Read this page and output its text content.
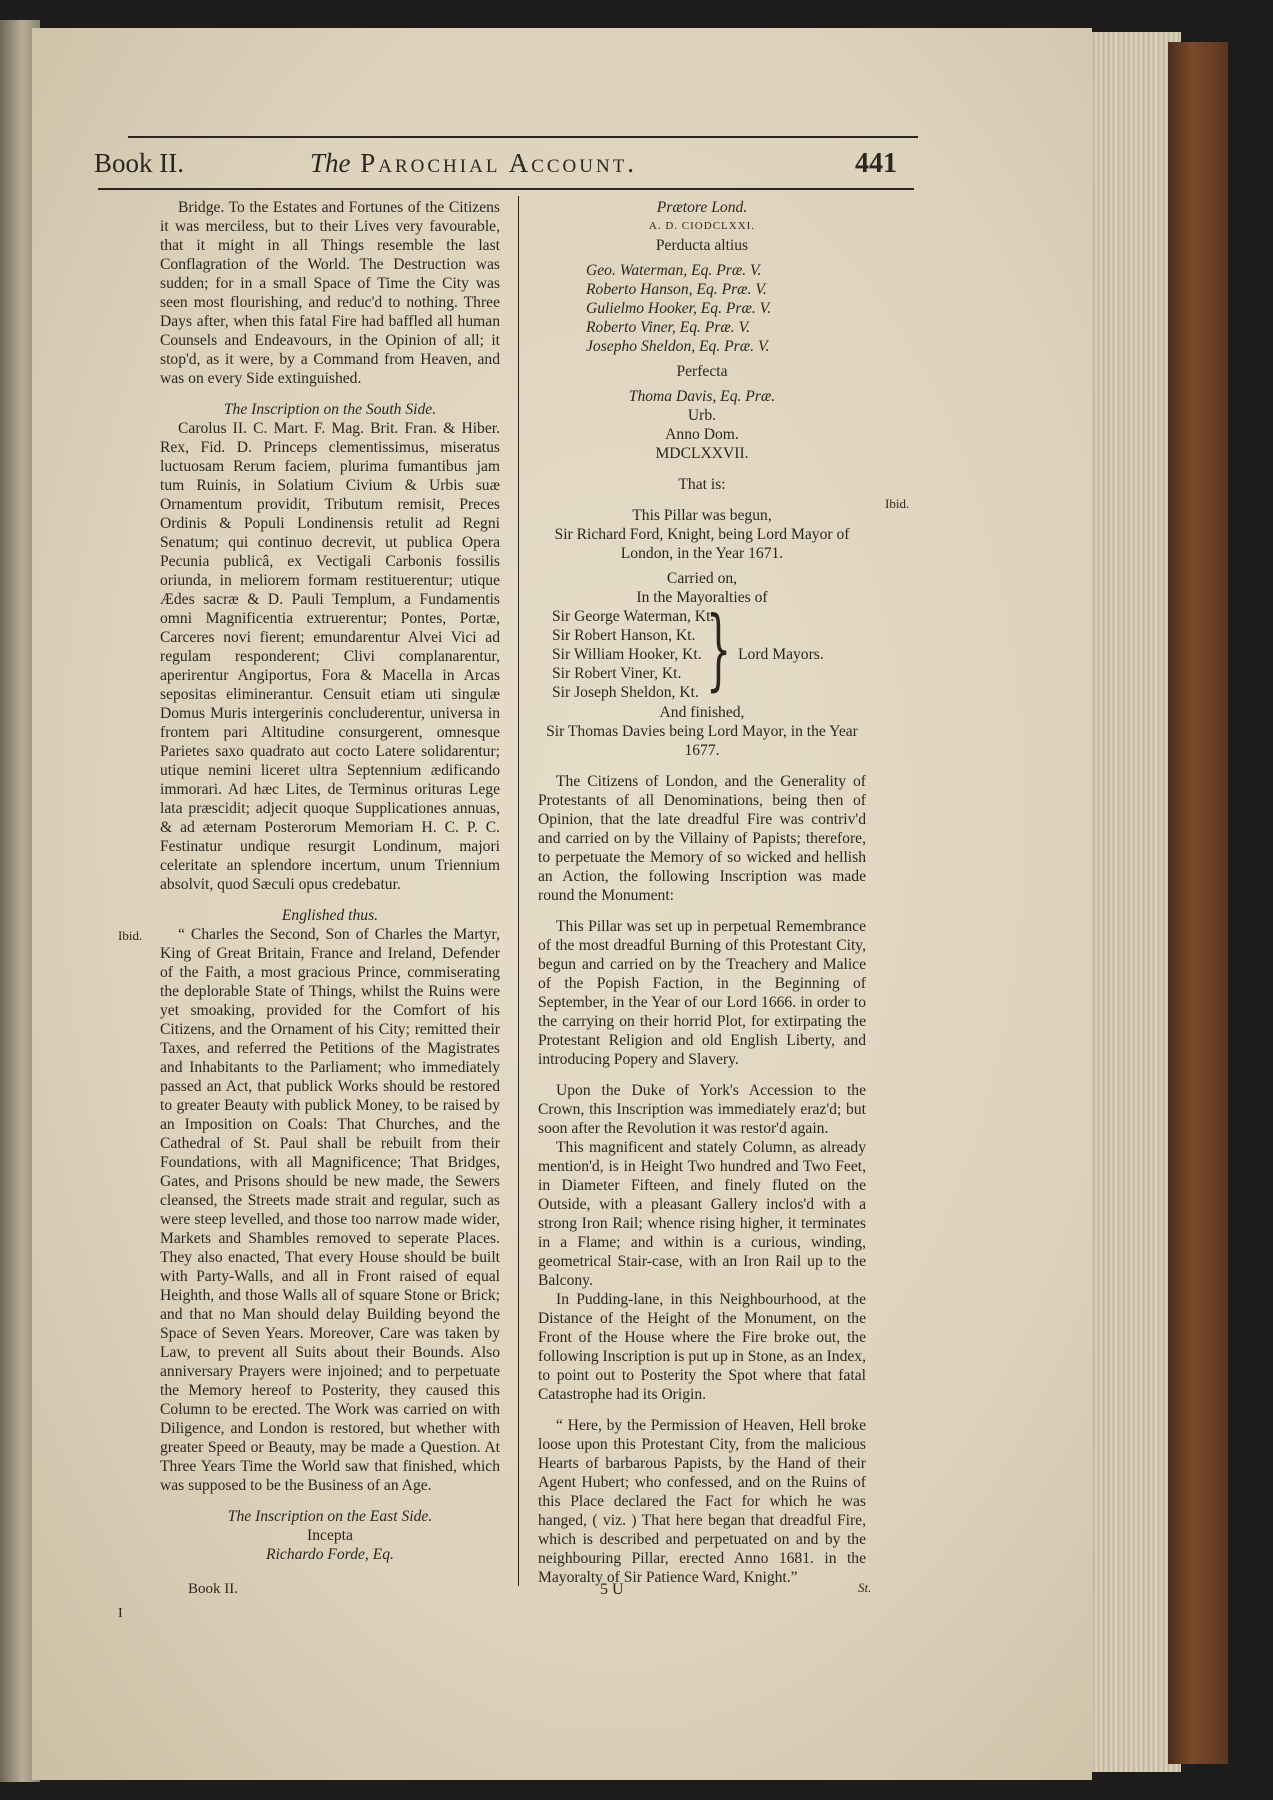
Book II.	The Parochial Account.	441

Bridge. To the Estates and Fortunes of the Citizens it was merciless, but to their Lives very favourable, that it might in all Things resemble the last Conflagration of the World. The Destruction was sudden; for in a small Space of Time the City was seen most flourishing, and reduc'd to nothing. Three Days after, when this fatal Fire had baffled all human Counsels and Endeavours, in the Opinion of all; it stop'd, as it were, by a Command from Heaven, and was on every Side extinguished.

The Inscription on the South Side.

Carolus II. C. Mart. F. Mag. Brit. Fran. & Hiber. Rex, Fid. D. Princeps clementissimus, miseratus luctuosam Rerum faciem, plurima fumantibus jam tum Ruinis, in Solatium Civium & Urbis suæ Ornamentum providit, Tributum remisit, Preces Ordinis & Populi Londinensis retulit ad Regni Senatum; qui continuo decrevit, ut publica Opera Pecunia publicâ, ex Vectigali Carbonis fossilis oriunda, in meliorem formam restituerentur; utique Ædes sacræ & D. Pauli Templum, a Fundamentis omni Magnificentia extruerentur; Pontes, Portæ, Carceres novi fierent; emundarentur Alvei Vici ad regulam responderent; Clivi complanarentur, aperirentur Angiportus, Fora & Macella in Arcas sepositas eliminerantur. Censuit etiam uti singulæ Domus Muris intergerinis concluderentur, universa in frontem pari Altitudine consurgerent, omnesque Parietes saxo quadrato aut cocto Latere solidarentur; utique nemini liceret ultra Septennium ædificando immorari. Ad hæc Lites, de Terminus orituras Lege lata præscidit; adjecit quoque Supplicationes annuas, & ad æternam Posterorum Memoriam H. C. P. C. Festinatur undique resurgit Londinum, majori celeritate an splendore incertum, unum Triennium absolvit, quod Sæculi opus credebatur.

Englished thus.

“ Charles the Second, Son of Charles the Martyr, King of Great Britain, France and Ireland, Defender of the Faith, a most gracious Prince, commiserating the deplorable State of Things, whilst the Ruins were yet smoaking, provided for the Comfort of his Citizens, and the Ornament of his City; remitted their Taxes, and referred the Petitions of the Magistrates and Inhabitants to the Parliament; who immediately passed an Act, that publick Works should be restored to greater Beauty with publick Money, to be raised by an Imposition on Coals: That Churches, and the Cathedral of St. Paul shall be rebuilt from their Foundations, with all Magnificence; That Bridges, Gates, and Prisons should be new made, the Sewers cleansed, the Streets made strait and regular, such as were steep levelled, and those too narrow made wider, Markets and Shambles removed to seperate Places. They also enacted, That every House should be built with Party-Walls, and all in Front raised of equal Heighth, and those Walls all of square Stone or Brick; and that no Man should delay Building beyond the Space of Seven Years. Moreover, Care was taken by Law, to prevent all Suits about their Bounds. Also anniversary Prayers were injoined; and to perpetuate the Memory hereof to Posterity, they caused this Column to be erected. The Work was carried on with Diligence, and London is restored, but whether with greater Speed or Beauty, may be made a Question. At Three Years Time the World saw that finished, which was supposed to be the Business of an Age.

The Inscription on the East Side.

Incepta

Richardo Forde, Eq.

Book II.
I

Prætore Lond.

A. D. CIODCLXXI.

Perducta altius

Geo. Waterman, Eq. Præ. V.

Roberto Hanson, Eq. Præ. V.

Gulielmo Hooker, Eq. Præ. V.

Roberto Viner, Eq. Præ. V.

Josepho Sheldon, Eq. Præ. V.

Perfecta

Thoma Davis, Eq. Præ.

Urb.

Anno Dom.

MDCLXXVII.

That is:

This Pillar was begun,

Sir Richard Ford, Knight, being Lord Mayor of London, in the Year 1671.

Carried on,

In the Mayoralties of

Sir George Waterman, Kt.

Sir Robert Hanson, Kt.

Sir William Hooker, Kt.

Sir Robert Viner, Kt.

Sir Joseph Sheldon, Kt. } Lord Mayors.

And finished,

Sir Thomas Davies being Lord Mayor, in the Year 1677.

The Citizens of London, and the Generality of Protestants of all Denominations, being then of Opinion, that the late dreadful Fire was contriv'd and carried on by the Villainy of Papists; therefore, to perpetuate the Memory of so wicked and hellish an Action, the following Inscription was made round the Monument:

This Pillar was set up in perpetual Remembrance of the most dreadful Burning of this Protestant City, begun and carried on by the Treachery and Malice of the Popish Faction, in the Beginning of September, in the Year of our Lord 1666. in order to the carrying on their horrid Plot, for extirpating the Protestant Religion and old English Liberty, and introducing Popery and Slavery.

Upon the Duke of York's Accession to the Crown, this Inscription was immediately eraz'd; but soon after the Revolution it was restor'd again.

This magnificent and stately Column, as already mention'd, is in Height Two hundred and Two Feet, in Diameter Fifteen, and finely fluted on the Outside, with a pleasant Gallery inclos'd with a strong Iron Rail; whence rising higher, it terminates in a Flame; and within is a curious, winding, geometrical Stair-case, with an Iron Rail up to the Balcony.

In Pudding-lane, in this Neighbourhood, at the Distance of the Height of the Monument, on the Front of the House where the Fire broke out, the following Inscription is put up in Stone, as an Index, to point out to Posterity the Spot where that fatal Catastrophe had its Origin.

“ Here, by the Permission of Heaven, Hell broke loose upon this Protestant City, from the malicious Hearts of barbarous Papists, by the Hand of their Agent Hubert; who confessed, and on the Ruins of this Place declared the Fact for which he was hanged, ( viz. ) That here began that dreadful Fire, which is described and perpetuated on and by the neighbouring Pillar, erected Anno 1681. in the Mayoralty of Sir Patience Ward, Knight.”

5 U	St.
Ibid.
Ibid.
